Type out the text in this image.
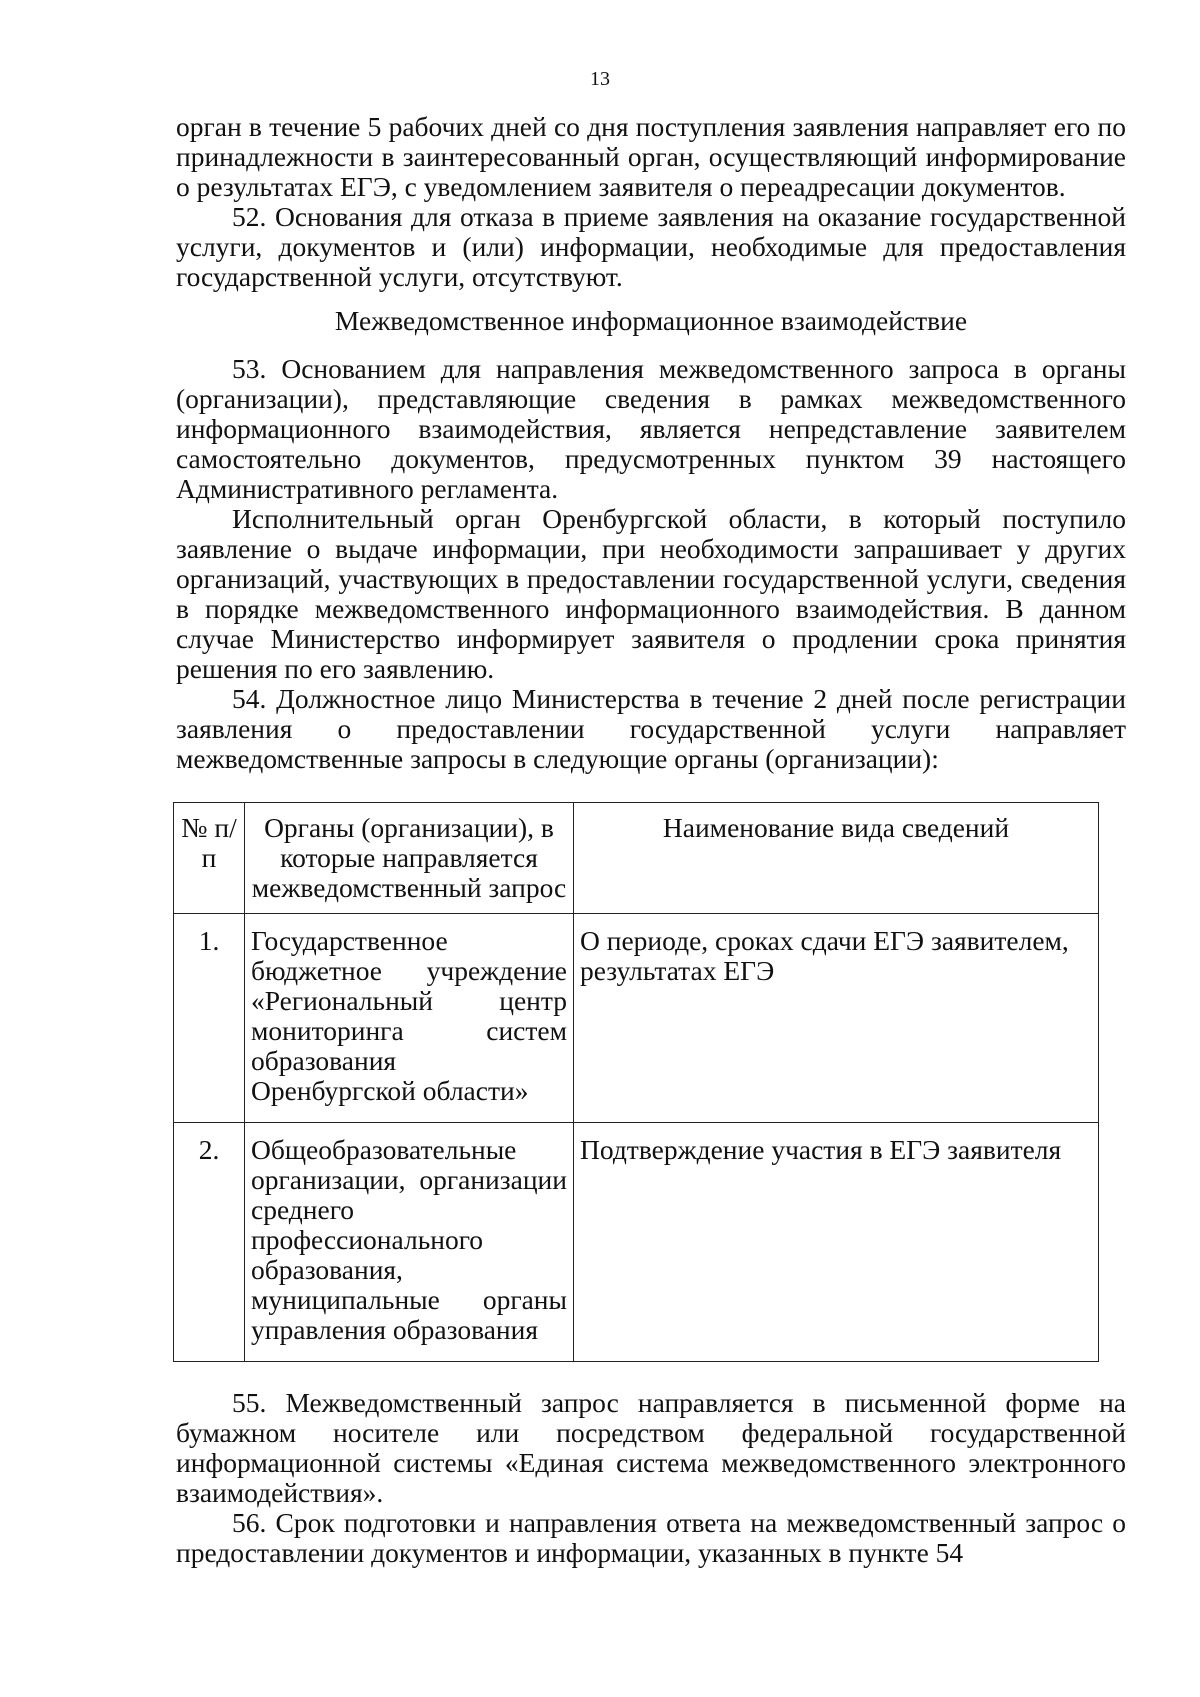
13

орган в течение 5 рабочих дней со дня поступления заявления направляет его по принадлежности в заинтересованный орган, осуществляющий информирование о результатах ЕГЭ, с уведомлением заявителя о переадресации документов.

52. Основания для отказа в приеме заявления на оказание государственной услуги, документов и (или) информации, необходимые для предоставления государственной услуги, отсутствуют.

Межведомственное информационное взаимодействие

53. Основанием для направления межведомственного запроса в органы (организации), представляющие сведения в рамках межведомственного информационного взаимодействия, является непредставление заявителем самостоятельно документов, предусмотренных пунктом 39 настоящего Административного регламента.

Исполнительный орган Оренбургской области, в который поступило заявление о выдаче информации, при необходимости запрашивает у других организаций, участвующих в предоставлении государственной услуги, сведения в порядке межведомственного информационного взаимодействия. В данном случае Министерство информирует заявителя о продлении срока принятия решения по его заявлению.

54. Должностное лицо Министерства в течение 2 дней после регистрации заявления о предоставлении государственной услуги направляет межведомственные запросы в следующие органы (организации):

№ п/п	Органы (организации), в которые направляется межведомственный запрос	Наименование вида сведений
1.	Государственное бюджетное учреждение «Региональный центр мониторинга систем образования Оренбургской области»	О периоде, сроках сдачи ЕГЭ заявителем, результатах ЕГЭ
2.	Общеобразовательные организации, организации среднего профессионального образования, муниципальные органы управления образования	Подтверждение участия в ЕГЭ заявителя

55. Межведомственный запрос направляется в письменной форме на бумажном носителе или посредством федеральной государственной информационной системы «Единая система межведомственного электронного взаимодействия».

56. Срок подготовки и направления ответа на межведомственный запрос о предоставлении документов и информации, указанных в пункте 54
